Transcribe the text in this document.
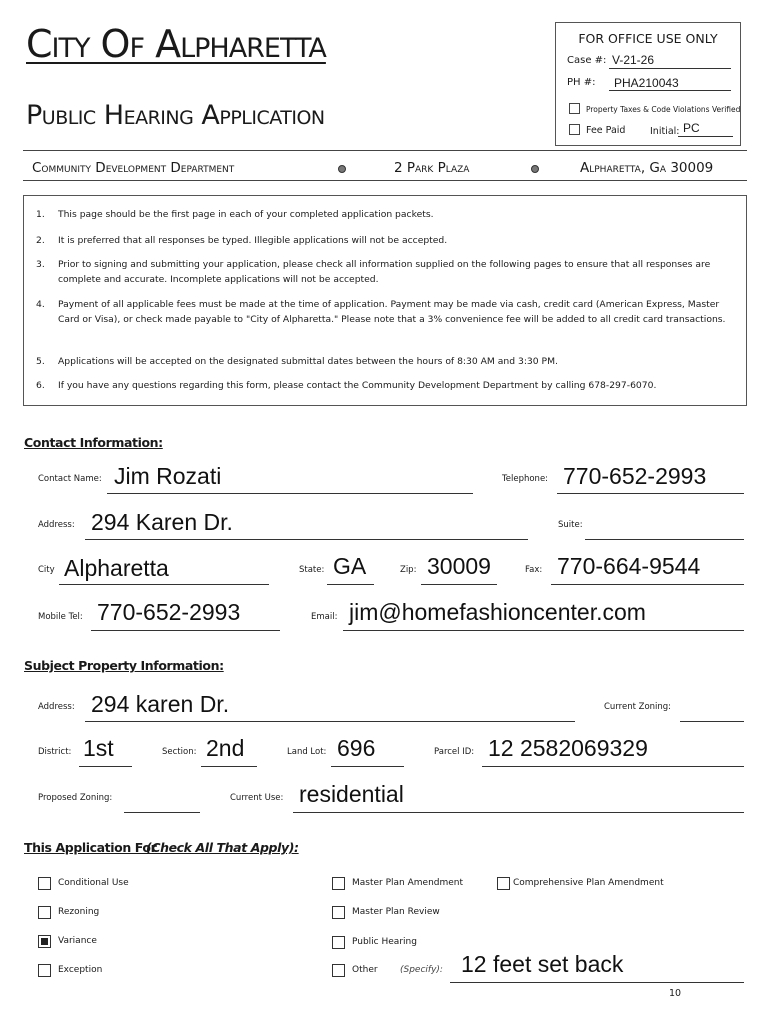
City Of Alpharetta
Public Hearing Application
FOR OFFICE USE ONLY
Case #: V-21-26
PH #: PHA210043
Property Taxes & Code Violations Verified
Fee Paid	Initial: PC
Community Development Department	2 Park Plaza	Alpharetta, Ga 30009
1. This page should be the first page in each of your completed application packets.
2. It is preferred that all responses be typed. Illegible applications will not be accepted.
3. Prior to signing and submitting your application, please check all information supplied on the following pages to ensure that all responses are complete and accurate. Incomplete applications will not be accepted.
4. Payment of all applicable fees must be made at the time of application. Payment may be made via cash, credit card (American Express, Master Card or Visa), or check made payable to "City of Alpharetta." Please note that a 3% convenience fee will be added to all credit card transactions.
5. Applications will be accepted on the designated submittal dates between the hours of 8:30 AM and 3:30 PM.
6. If you have any questions regarding this form, please contact the Community Development Department by calling 678-297-6070.
Contact Information:
Contact Name: Jim Rozati	Telephone: 770-652-2993
Address: 294 Karen Dr.	Suite:
City Alpharetta	State: GA	Zip: 30009	Fax: 770-664-9544
Mobile Tel: 770-652-2993	Email: jim@homefashioncenter.com
Subject Property Information:
Address: 294 karen Dr.	Current Zoning:
District: 1st	Section: 2nd	Land Lot: 696	Parcel ID: 12 2582069329
Proposed Zoning:	Current Use: residential
This Application For
(Check All That Apply):
Conditional Use
Rezoning
Variance
Exception
Master Plan Amendment
Master Plan Review
Public Hearing
Other (Specify): 12 feet set back
Comprehensive Plan Amendment
10
